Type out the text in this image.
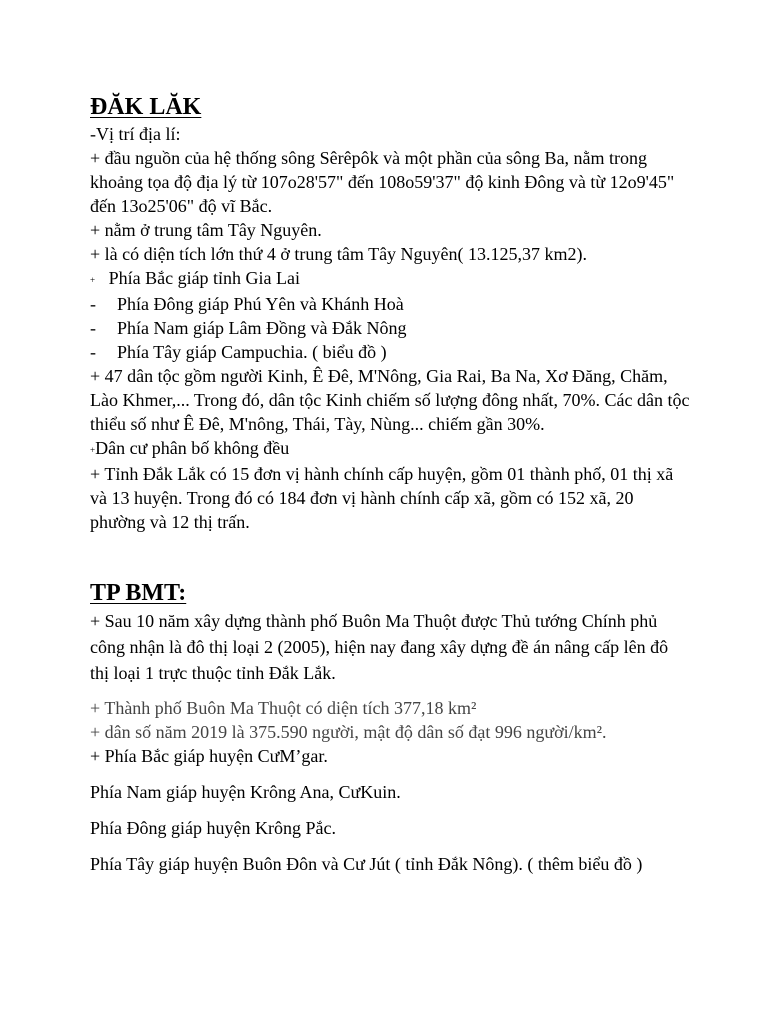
ĐĂK LĂK

-Vị trí địa lí:

+ đầu nguồn của hệ thống sông Sêrêpôk và một phần của sông Ba, nằm trong khoảng tọa độ địa lý từ 107o28'57" đến 108o59'37" độ kinh Đông và từ 12o9'45" đến 13o25'06" độ vĩ Bắc.

+ nằm ở trung tâm Tây Nguyên.

+ là có diện tích lớn thứ 4 ở trung tâm Tây Nguyên( 13.125,37 km2).

+ Phía Bắc giáp tỉnh Gia Lai

- Phía Đông giáp Phú Yên và Khánh Hoà

- Phía Nam giáp Lâm Đồng và Đắk Nông

- Phía Tây giáp Campuchia. ( biểu đồ )

+ 47 dân tộc gồm người Kinh, Ê Đê, M'Nông, Gia Rai, Ba Na, Xơ Đăng, Chăm, Lào Khmer,... Trong đó, dân tộc Kinh chiếm số lượng đông nhất, 70%. Các dân tộc thiểu số như Ê Đê, M'nông, Thái, Tày, Nùng... chiếm gần 30%.

+Dân cư phân bố không đều

+ Tỉnh Đắk Lắk có 15 đơn vị hành chính cấp huyện, gồm 01 thành phố, 01 thị xã và 13 huyện. Trong đó có 184 đơn vị hành chính cấp xã, gồm có 152 xã, 20 phường và 12 thị trấn.

TP BMT:

+ Sau 10 năm xây dựng thành phố Buôn Ma Thuột được Thủ tướng Chính phủ công nhận là đô thị loại 2 (2005), hiện nay đang xây dựng đề án nâng cấp lên đô thị loại 1 trực thuộc tỉnh Đắk Lắk.

+ Thành phố Buôn Ma Thuột có diện tích 377,18 km²

+ dân số năm 2019 là 375.590 người, mật độ dân số đạt 996 người/km².

+ Phía Bắc giáp huyện CưM’gar.

Phía Nam giáp huyện Krông Ana, CưKuin.

Phía Đông giáp huyện Krông Pắc.

Phía Tây giáp huyện Buôn Đôn và Cư Jút ( tỉnh Đắk Nông). ( thêm biểu đồ )
